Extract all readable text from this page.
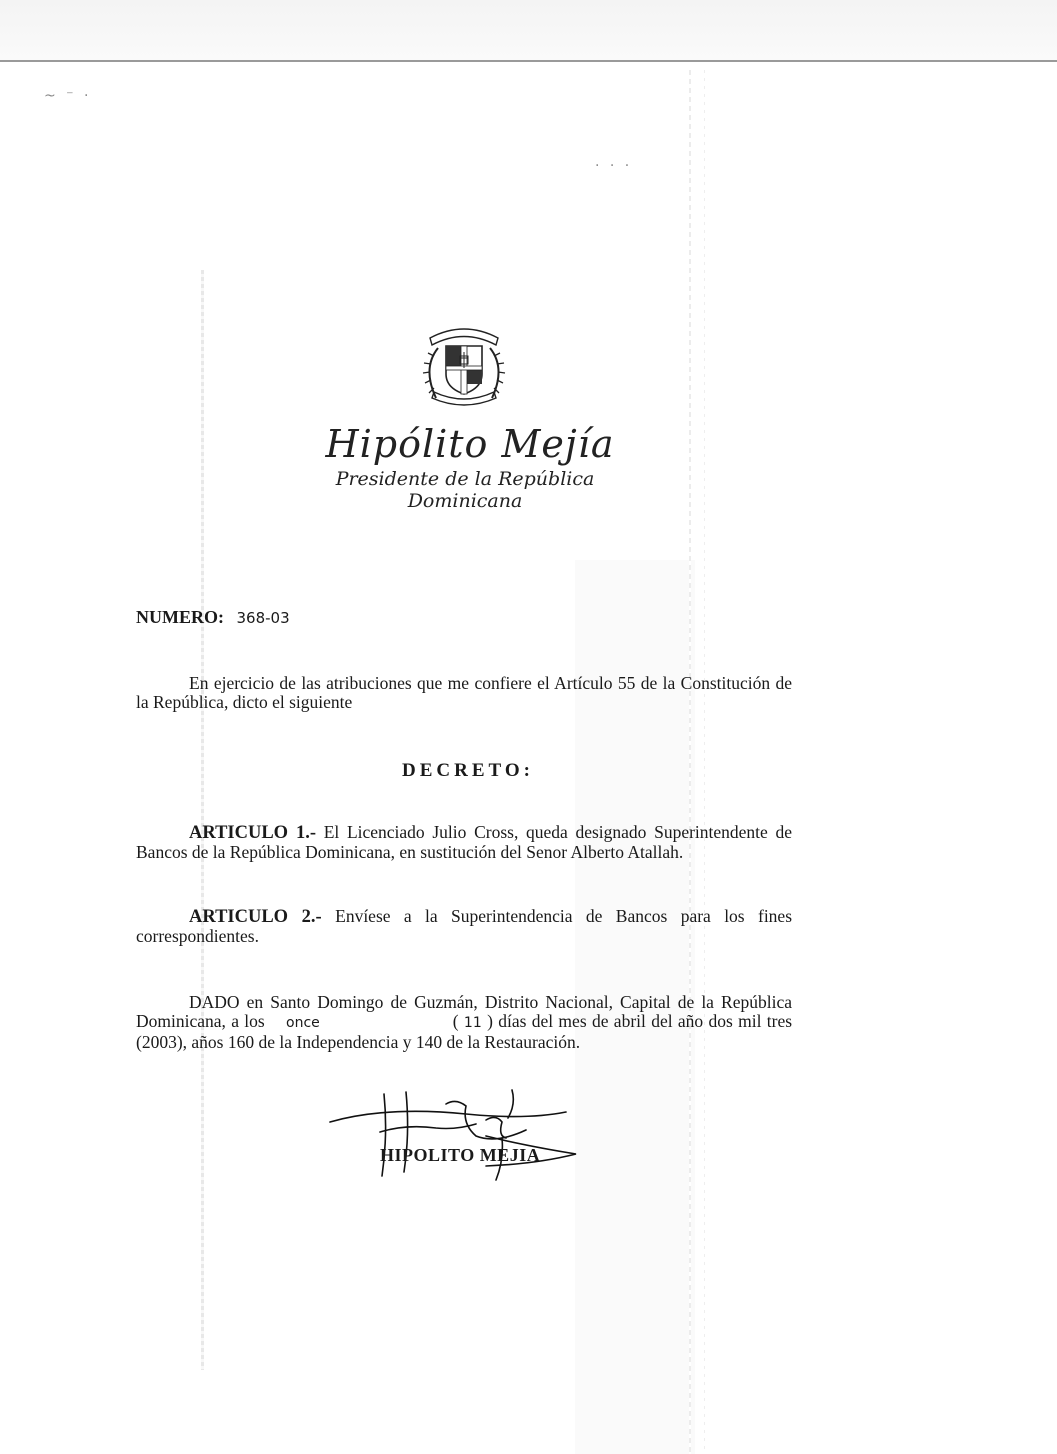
~ ⁻ ·
· · ·
Hipólito Mejía
Presidente de la República Dominicana
NUMERO: 368-03
En ejercicio de las atribuciones que me confiere el Artículo 55 de la Constitución de la República, dicto el siguiente
DECRETO:
ARTICULO 1.- El Licenciado Julio Cross, queda designado Superintendente de Bancos de la República Dominicana, en sustitución del Senor Alberto Atallah.
ARTICULO 2.- Envíese a la Superintendencia de Bancos para los fines correspondientes.
DADO en Santo Domingo de Guzmán, Distrito Nacional, Capital de la República Dominicana, a los once                         ( 11 ) días del mes de abril del año dos mil tres (2003), años 160 de la Independencia y 140 de la Restauración.
HIPOLITO MEJIA
